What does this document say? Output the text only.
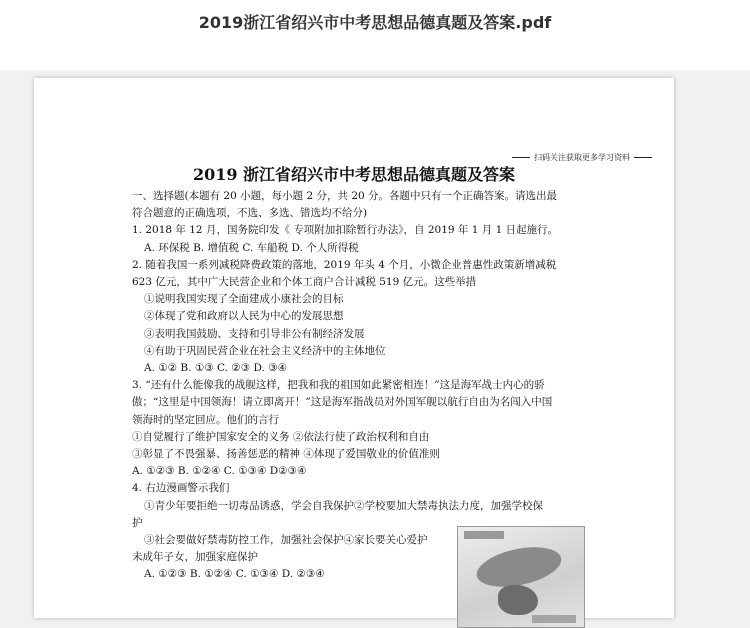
2019浙江省绍兴市中考思想品德真题及答案.pdf
扫码关注获取更多学习资料
2019 浙江省绍兴市中考思想品德真题及答案
一、选择题(本题有 20 小题，每小题 2 分，共 20 分。各题中只有一个正确答案。请选出最
符合题意的正确选项，不选、多选、错选均不给分)
1. 2018 年 12 月，国务院印发《 专项附加扣除暂行办法》，自 2019 年 1 月 1 日起施行。
A. 环保税 B. 增值税 C. 车船税 D. 个人所得税
2. 随着我国一系列减税降费政策的落地，2019 年头 4 个月，小微企业普惠性政策新增减税
623 亿元，其中广大民营企业和个体工商户合计减税 519 亿元。这些举措
①说明我国实现了全面建成小康社会的目标
②体现了党和政府以人民为中心的发展思想
③表明我国鼓励、支持和引导非公有制经济发展
④有助于巩固民营企业在社会主义经济中的主体地位
A. ①② B. ①③ C. ②③ D. ③④
3. “还有什么能像我的战舰这样，把我和我的祖国如此紧密相连！”这是海军战士内心的骄
傲；“这里是中国领海！请立即离开！”这是海军指战员对外国军舰以航行自由为名闯入中国
领海时的坚定回应。他们的言行
①自觉履行了维护国家安全的义务 ②依法行使了政治权利和自由
③彰显了不畏强暴、扬善惩恶的精神 ④体现了爱国敬业的价值准则
A. ①②③ B. ①②④ C. ①③④ D②③④
4. 右边漫画警示我们
①青少年要拒绝一切毒品诱惑，学会自我保护②学校要加大禁毒执法力度，加强学校保
护
③社会要做好禁毒防控工作，加强社会保护④家长要关心爱护
未成年子女，加强家庭保护
A. ①②③ B. ①②④ C. ①③④ D. ②③④
